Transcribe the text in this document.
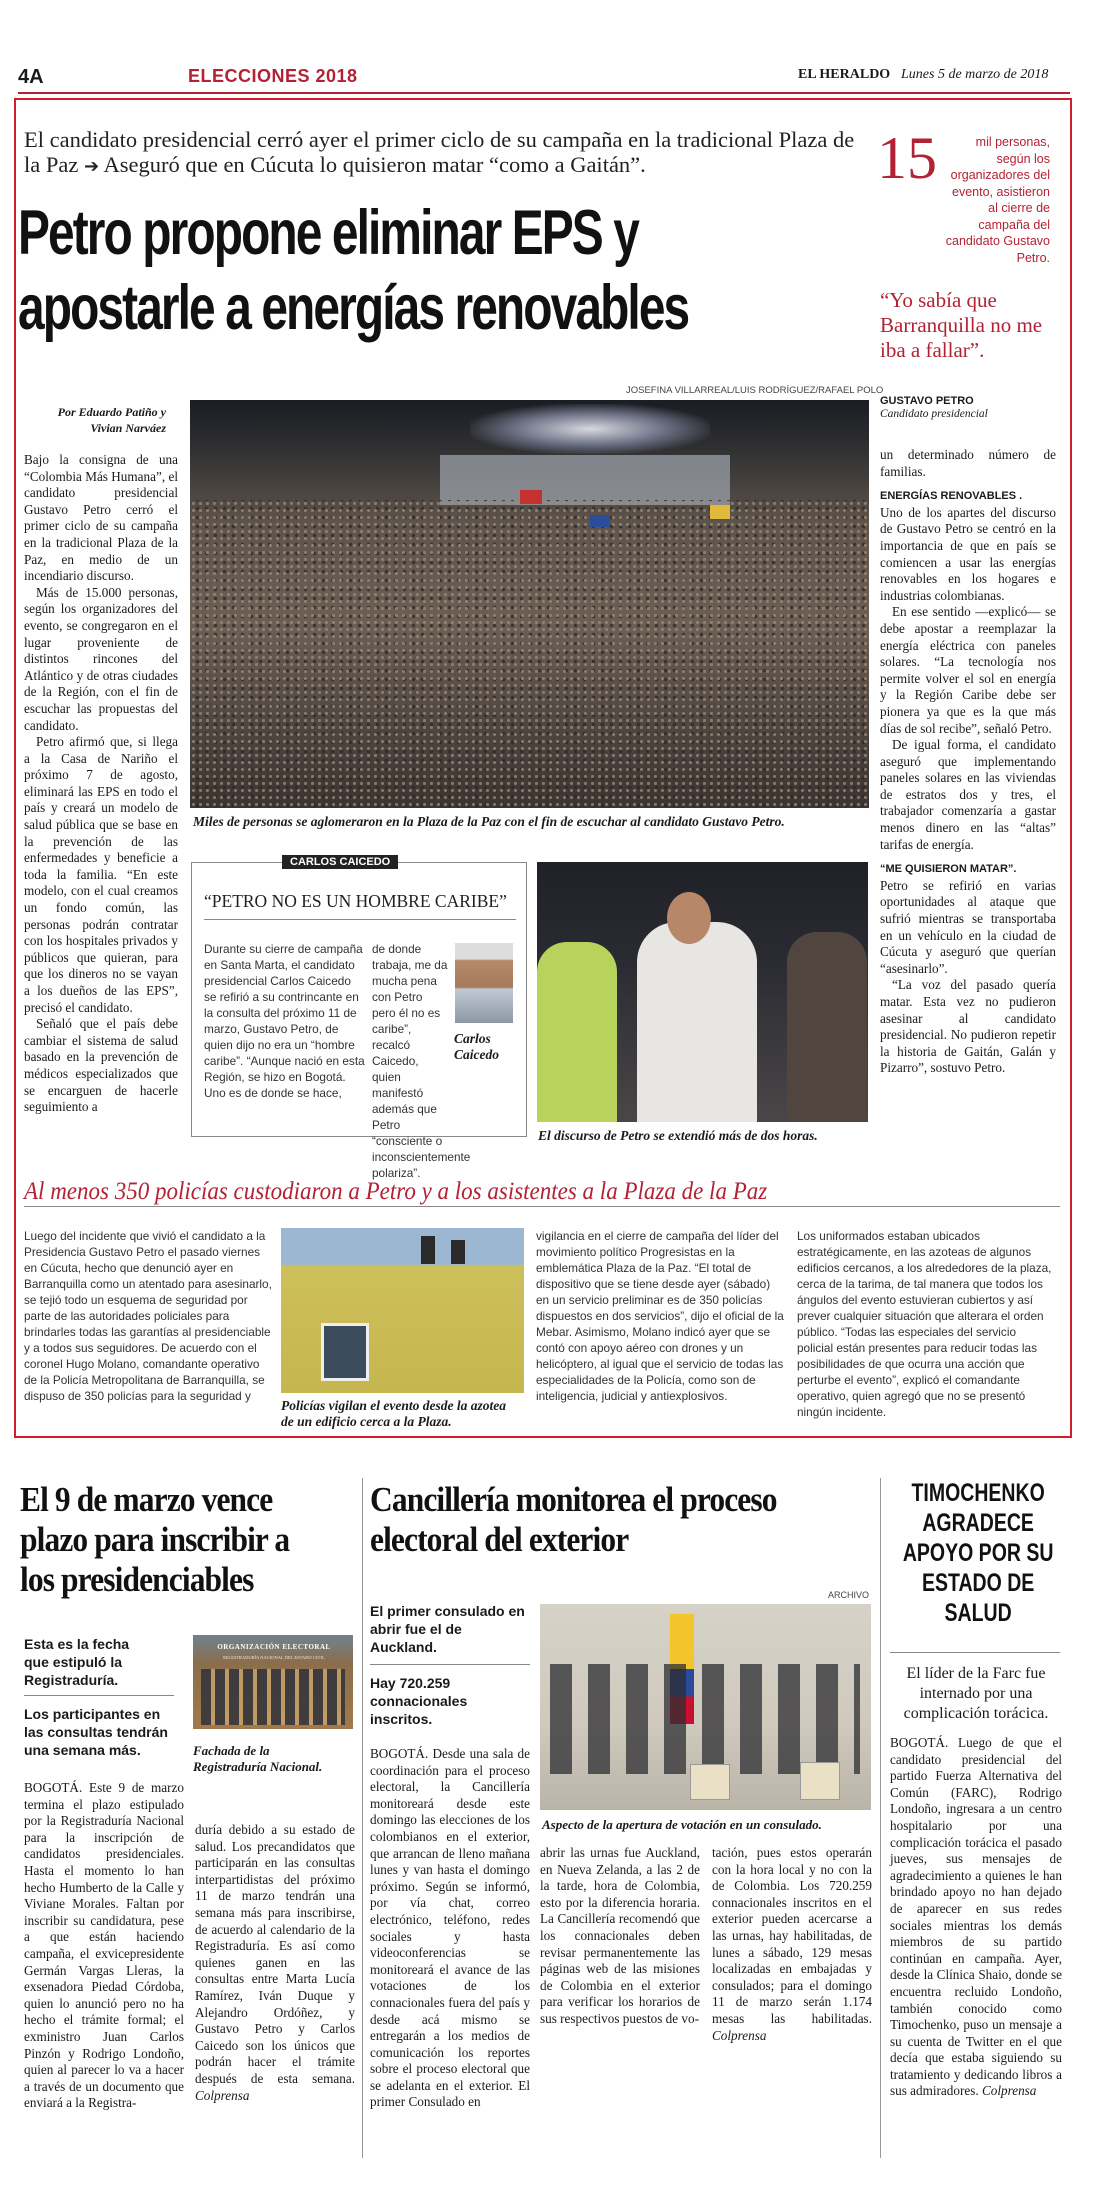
4A	ELECCIONES 2018	EL HERALDO Lunes 5 de marzo de 2018
El candidato presidencial cerró ayer el primer ciclo de su campaña en la tradicional Plaza de la Paz ➔ Aseguró que en Cúcuta lo quisieron matar “como a Gaitán”.
Petro propone eliminar EPS y apostarle a energías renovables
15	mil personas, según los organizadores del evento, asistieron al cierre de campaña del candidato Gustavo Petro.
“Yo sabía que Barranquilla no me iba a fallar”.
GUSTAVO PETRO
Candidato presidencial
Por Eduardo Patiño y Vivian Narváez
JOSEFINA VILLARREAL/LUIS RODRÍGUEZ/RAFAEL POLO
Miles de personas se aglomeraron en la Plaza de la Paz con el fin de escuchar al candidato Gustavo Petro.

Bajo la consigna de una “Colombia Más Humana”, el candidato presidencial Gustavo Petro cerró el primer ciclo de su campaña en la tradicional Plaza de la Paz, en medio de un incendiario discurso.

Más de 15.000 personas, según los organizadores del evento, se congregaron en el lugar proveniente de distintos rincones del Atlántico y de otras ciudades de la Región, con el fin de escuchar las propuestas del candidato.

Petro afirmó que, si llega a la Casa de Nariño el próximo 7 de agosto, eliminará las EPS en todo el país y creará un modelo de salud pública que se base en la prevención de las enfermedades y beneficie a toda la familia. “En este modelo, con el cual creamos un fondo común, las personas podrán contratar con los hospitales privados y públicos que quieran, para que los dineros no se vayan a los dueños de las EPS”, precisó el candidato.

Señaló que el país debe cambiar el sistema de salud basado en la prevención de médicos especializados que se encarguen de hacerle seguimiento a

un determinado número de familias.

ENERGÍAS RENOVABLES .

Uno de los apartes del discurso de Gustavo Petro se centró en la importancia de que en país se comiencen a usar las energías renovables en los hogares e industrias colombianas.

En ese sentido —explicó— se debe apostar a reemplazar la energía eléctrica con paneles solares. “La tecnología nos permite volver el sol en energía y la Región Caribe debe ser pionera ya que es la que más días de sol recibe”, señaló Petro.

De igual forma, el candidato aseguró que implementando paneles solares en las viviendas de estratos dos y tres, el trabajador comenzaría a gastar menos dinero en las “altas” tarifas de energía.

“ME QUISIERON MATAR”.

Petro se refirió en varias oportunidades al ataque que sufrió mientras se transportaba en un vehículo en la ciudad de Cúcuta y aseguró que querían “asesinarlo”.

“La voz del pasado quería matar. Esta vez no pudieron asesinar al candidato presidencial. No pudieron repetir la historia de Gaitán, Galán y Pizarro”, sostuvo Petro.

CARLOS CAICEDO
“PETRO NO ES UN HOMBRE CARIBE”
Durante su cierre de campaña en Santa Marta, el candidato presidencial Carlos Caicedo se refirió a su contrincante en la consulta del próximo 11 de marzo, Gustavo Petro, de quien dijo no era un “hombre caribe”. “Aunque nació en esta Región, se hizo en Bogotá. Uno es de donde se hace,
de donde trabaja, me da mucha pena con Petro pero él no es caribe”, recalcó Caicedo, quien manifestó además que Petro “consciente o inconscientemente polariza”.
Carlos Caicedo
El discurso de Petro se extendió más de dos horas.
Al menos 350 policías custodiaron a Petro y a los asistentes a la Plaza de la Paz
Luego del incidente que vivió el candidato a la Presidencia Gustavo Petro el pasado viernes en Cúcuta, hecho que denunció ayer en Barranquilla como un atentado para asesinarlo, se tejió todo un esquema de seguridad por parte de las autoridades policiales para brindarles todas las garantías al presidenciable y a todos sus seguidores. De acuerdo con el coronel Hugo Molano, comandante operativo de la Policía Metropolitana de Barranquilla, se dispuso de 350 policías para la seguridad y
Policías vigilan el evento desde la azotea de un edificio cerca a la Plaza.
vigilancia en el cierre de campaña del líder del movimiento político Progresistas en la emblemática Plaza de la Paz. “El total de dispositivo que se tiene desde ayer (sábado) en un servicio preliminar es de 350 policías dispuestos en dos servicios”, dijo el oficial de la Mebar. Asimismo, Molano indicó ayer que se contó con apoyo aéreo con drones y un helicóptero, al igual que el servicio de todas las especialidades de la Policía, como son de inteligencia, judicial y antiexplosivos.
Los uniformados estaban ubicados estratégicamente, en las azoteas de algunos edificios cercanos, a los alrededores de la plaza, cerca de la tarima, de tal manera que todos los ángulos del evento estuvieran cubiertos y así prever cualquier situación que alterara el orden público. “Todas las especiales del servicio policial están presentes para reducir todas las posibilidades de que ocurra una acción que perturbe el evento”, explicó el comandante operativo, quien agregó que no se presentó ningún incidente.
El 9 de marzo vence plazo para inscribir a los presidenciables
Esta es la fecha que estipuló la Registraduría.
Los participantes en las consultas tendrán una semana más.
ORGANIZACIÓN ELECTORAL
REGISTRADURÍA NACIONAL DEL ESTADO CIVIL
Fachada de la Registraduría Nacional.
BOGOTÁ. Este 9 de marzo termina el plazo estipulado por la Registraduría Nacional para la inscripción de candidatos presidenciales. Hasta el momento lo han hecho Humberto de la Calle y Viviane Morales. Faltan por inscribir su candidatura, pese a que están haciendo campaña, el exvicepresidente Germán Vargas Lleras, la exsenadora Piedad Córdoba, quien lo anunció pero no ha hecho el trámite formal; el exministro Juan Carlos Pinzón y Rodrigo Londoño, quien al parecer lo va a hacer a través de un documento que enviará a la Registra-
duría debido a su estado de salud. Los precandidatos que participarán en las consultas interpartidistas del próximo 11 de marzo tendrán una semana más para inscribirse, de acuerdo al calendario de la Registraduría. Es así como quienes ganen en las consultas entre Marta Lucía Ramírez, Iván Duque y Alejandro Ordóñez, y Gustavo Petro y Carlos Caicedo son los únicos que podrán hacer el trámite después de esta semana. Colprensa
Cancillería monitorea el proceso electoral del exterior
ARCHIVO
El primer consulado en abrir fue el de Auckland.
Hay 720.259 connacionales inscritos.
Aspecto de la apertura de votación en un consulado.
BOGOTÁ. Desde una sala de coordinación para el proceso electoral, la Cancillería monitoreará desde este domingo las elecciones de los colombianos en el exterior, que arrancan de lleno mañana lunes y van hasta el domingo próximo. Según se informó, por vía chat, correo electrónico, teléfono, redes sociales y hasta videoconferencias se monitoreará el avance de las votaciones de los connacionales fuera del país y desde acá mismo se entregarán a los medios de comunicación los reportes sobre el proceso electoral que se adelanta en el exterior. El primer Consulado en
abrir las urnas fue Auckland, en Nueva Zelanda, a las 2 de la tarde, hora de Colombia, esto por la diferencia horaria. La Cancillería recomendó que los connacionales deben revisar permanentemente las páginas web de las misiones de Colombia en el exterior para verificar los horarios de sus respectivos puestos de vo-
tación, pues estos operarán con la hora local y no con la de Colombia. Los 720.259 connacionales inscritos en el exterior pueden acercarse a las urnas, hay habilitadas, de lunes a sábado, 129 mesas localizadas en embajadas y consulados; para el domingo 11 de marzo serán 1.174 mesas las habilitadas. Colprensa
TIMOCHENKO AGRADECE APOYO POR SU ESTADO DE SALUD
El líder de la Farc fue internado por una complicación torácica.
BOGOTÁ. Luego de que el candidato presidencial del partido Fuerza Alternativa del Común (FARC), Rodrigo Londoño, ingresara a un centro hospitalario por una complicación torácica el pasado jueves, sus mensajes de agradecimiento a quienes le han brindado apoyo no han dejado de aparecer en sus redes sociales mientras los demás miembros de su partido continúan en campaña. Ayer, desde la Clínica Shaio, donde se encuentra recluido Londoño, también conocido como Timochenko, puso un mensaje a su cuenta de Twitter en el que decía que estaba siguiendo su tratamiento y dedicando libros a sus admiradores. Colprensa
